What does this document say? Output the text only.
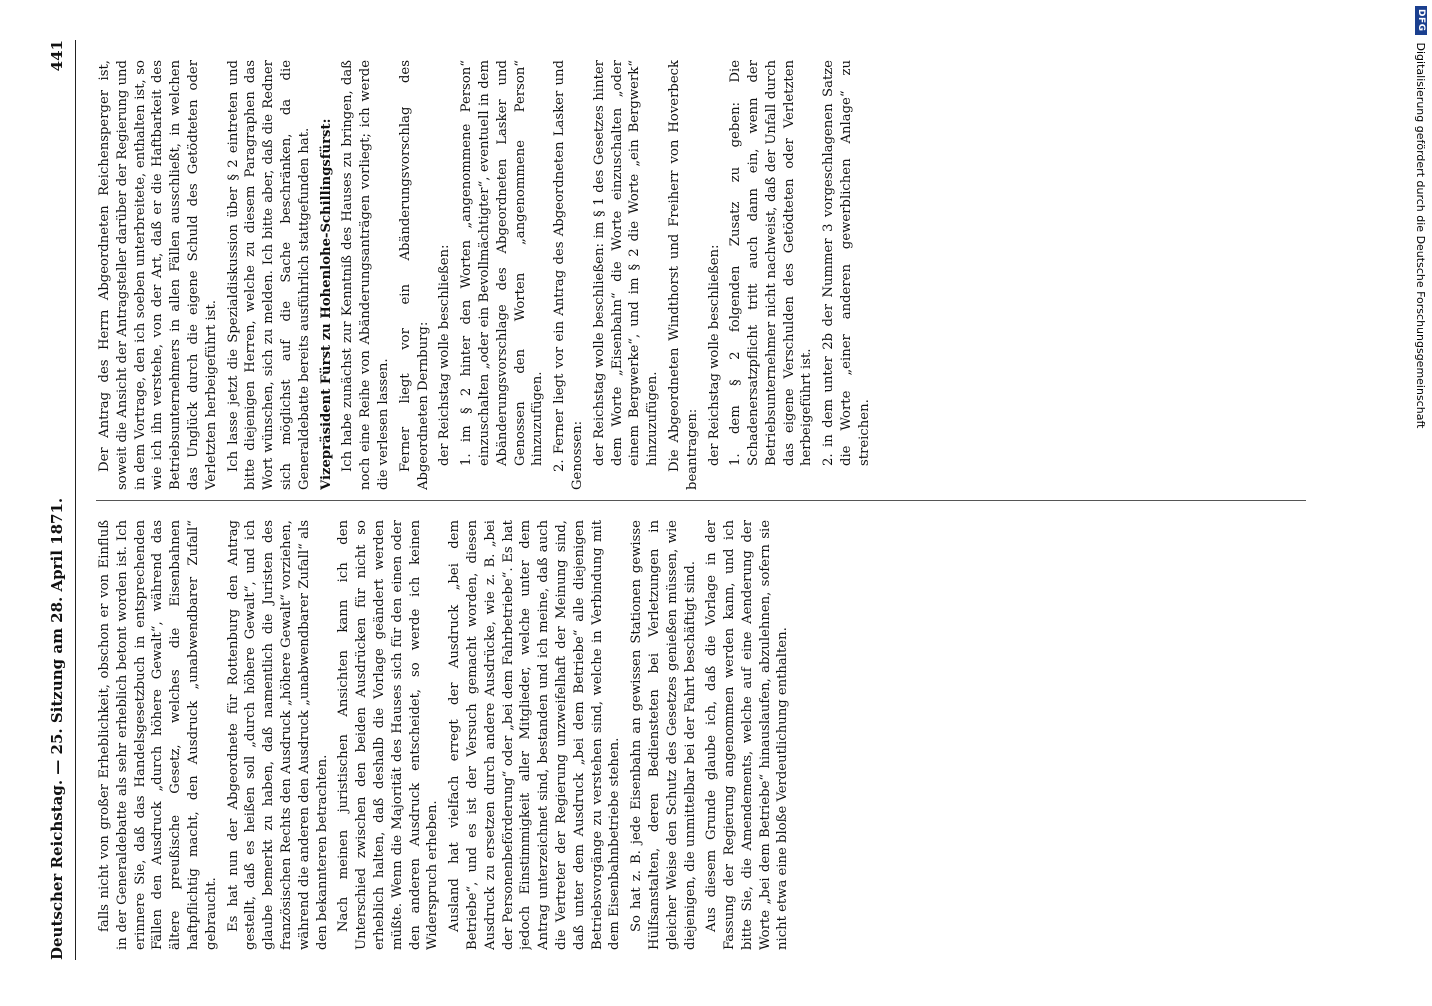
DFG
Digitalisierung gefördert durch die Deutsche Forschungsgemeinschaft
Deutscher Reichstag. — 25. Sitzung am 28. April 1871.
441

falls nicht von großer Erheblichkeit, obschon er von Einfluß in der Generaldebatte als sehr erheblich betont worden ist. Ich erinnere Sie, daß das Handelsgesetzbuch in entsprechenden Fällen den Ausdruck „durch höhere Gewalt“, während das ältere preußische Gesetz, welches die Eisenbahnen haftpflichtig macht, den Ausdruck „unabwendbarer Zufall“ gebraucht. Es hat nun der Abgeordnete für Rottenburg den Antrag gestellt, daß es heißen soll „durch höhere Gewalt“, und ich glaube bemerkt zu haben, daß namentlich die Juristen des französischen Rechts den Ausdruck „höhere Gewalt“ vorziehen, während die anderen den Ausdruck „unabwendbarer Zufall“ als den bekannteren betrachten. Nach meinen juristischen Ansichten kann ich den Unterschied zwischen den beiden Ausdrücken für nicht so erheblich halten, daß deshalb die Vorlage geändert werden müßte. Wenn die Majorität des Hauses sich für den einen oder den anderen Ausdruck entscheidet, so werde ich keinen Widerspruch erheben. Ausland hat vielfach erregt der Ausdruck „bei dem Betriebe“, und es ist der Versuch gemacht worden, diesen Ausdruck zu ersetzen durch andere Ausdrücke, wie z. B. „bei der Personenbeförderung“ oder „bei dem Fahrbetriebe“. Es hat jedoch Einstimmigkeit aller Mitglieder, welche unter dem Antrag unterzeichnet sind, bestanden und ich meine, daß auch die Vertreter der Regierung unzweifelhaft der Meinung sind, daß unter dem Ausdruck „bei dem Betriebe“ alle diejenigen Betriebsvorgänge zu verstehen sind, welche in Verbindung mit dem Eisenbahnbetriebe stehen. So hat z. B. jede Eisenbahn an gewissen Stationen gewisse Hülfsanstalten, deren Bediensteten bei Verletzungen in gleicher Weise den Schutz des Gesetzes genießen müssen, wie diejenigen, die unmittelbar bei der Fahrt beschäftigt sind. Aus diesem Grunde glaube ich, daß die Vorlage in der Fassung der Regierung angenommen werden kann, und ich bitte Sie, die Amendements, welche auf eine Aenderung der Worte „bei dem Betriebe“ hinauslaufen, abzulehnen, sofern sie nicht etwa eine bloße Verdeutlichung enthalten.

Der Antrag des Herrn Abgeordneten Reichensperger ist, soweit die Ansicht der Antragsteller darüber der Regierung und in dem Vortrage, den ich soeben unterbreitete, enthalten ist, so wie ich ihn verstehe, von der Art, daß er die Haftbarkeit des Betriebsunternehmers in allen Fällen ausschließt, in welchen das Unglück durch die eigene Schuld des Getödteten oder Verletzten herbeigeführt ist. Ich lasse jetzt die Spezialdiskussion über § 2 eintreten und bitte diejenigen Herren, welche zu diesem Paragraphen das Wort wünschen, sich zu melden. Ich bitte aber, daß die Redner sich möglichst auf die Sache beschränken, da die Generaldebatte bereits ausführlich stattgefunden hat. Vizepräsident Fürst zu Hohenlohe-Schillingsfürst: Ich habe zunächst zur Kenntniß des Hauses zu bringen, daß noch eine Reihe von Abänderungsanträgen vorliegt; ich werde die verlesen lassen. Ferner liegt vor ein Abänderungsvorschlag des Abgeordneten Dernburg: der Reichstag wolle beschließen: 1. im § 2 hinter den Worten „angenommene Person“ einzuschalten „oder ein Bevollmächtigter“, eventuell in dem Abänderungsvorschlage des Abgeordneten Lasker und Genossen den Worten „angenommene Person“ hinzuzufügen. 2. Ferner liegt vor ein Antrag des Abgeordneten Lasker und Genossen: der Reichstag wolle beschließen: im § 1 des Gesetzes hinter dem Worte „Eisenbahn“ die Worte einzuschalten „oder einem Bergwerke“, und im § 2 die Worte „ein Bergwerk“ hinzuzufügen. Die Abgeordneten Windthorst und Freiherr von Hoverbeck beantragen: der Reichstag wolle beschließen: 1. dem § 2 folgenden Zusatz zu geben: Die Schadenersatzpflicht tritt auch dann ein, wenn der Betriebsunternehmer nicht nachweist, daß der Unfall durch das eigene Verschulden des Getödteten oder Verletzten herbeigeführt ist. 2. in dem unter 2b der Nummer 3 vorgeschlagenen Satze die Worte „einer anderen gewerblichen Anlage“ zu streichen.
